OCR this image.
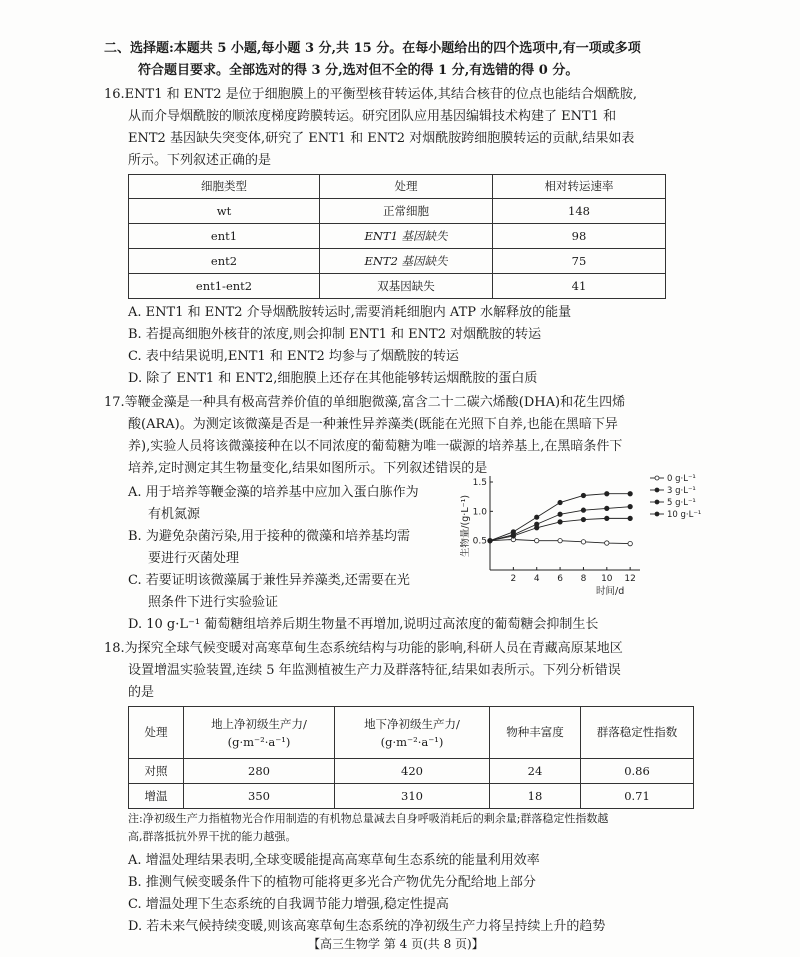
二、选择题:本题共 5 小题,每小题 3 分,共 15 分。在每小题给出的四个选项中,有一项或多项
符合题目要求。全部选对的得 3 分,选对但不全的得 1 分,有选错的得 0 分。
16.ENT1 和 ENT2 是位于细胞膜上的平衡型核苷转运体,其结合核苷的位点也能结合烟酰胺,
从而介导烟酰胺的顺浓度梯度跨膜转运。研究团队应用基因编辑技术构建了 ENT1 和
ENT2 基因缺失突变体,研究了 ENT1 和 ENT2 对烟酰胺跨细胞膜转运的贡献,结果如表
所示。下列叙述正确的是
细胞类型	处理	相对转运速率
wt	正常细胞	148
ent1	ENT1 基因缺失	98
ent2	ENT2 基因缺失	75
ent1-ent2	双基因缺失	41
A. ENT1 和 ENT2 介导烟酰胺转运时,需要消耗细胞内 ATP 水解释放的能量
B. 若提高细胞外核苷的浓度,则会抑制 ENT1 和 ENT2 对烟酰胺的转运
C. 表中结果说明,ENT1 和 ENT2 均参与了烟酰胺的转运
D. 除了 ENT1 和 ENT2,细胞膜上还存在其他能够转运烟酰胺的蛋白质
17.等鞭金藻是一种具有极高营养价值的单细胞微藻,富含二十二碳六烯酸(DHA)和花生四烯
酸(ARA)。为测定该微藻是否是一种兼性异养藻类(既能在光照下自养,也能在黑暗下异
养),实验人员将该微藻接种在以不同浓度的葡萄糖为唯一碳源的培养基上,在黑暗条件下
培养,定时测定其生物量变化,结果如图所示。下列叙述错误的是
A. 用于培养等鞭金藻的培养基中应加入蛋白胨作为
有机氮源
B. 为避免杂菌污染,用于接种的微藻和培养基均需
要进行灭菌处理
C. 若要证明该微藻属于兼性异养藻类,还需要在光
照条件下进行实验验证
D. 10 g·L⁻¹ 葡萄糖组培养后期生物量不再增加,说明过高浓度的葡萄糖会抑制生长
2 4 6 8 10 12
0.5
1.0
1.5
时间/d
生物量/(g·L⁻¹)
0 g·L⁻¹
3 g·L⁻¹
5 g·L⁻¹
10 g·L⁻¹
18.为探究全球气候变暖对高寒草甸生态系统结构与功能的影响,科研人员在青藏高原某地区
设置增温实验装置,连续 5 年监测植被生产力及群落特征,结果如表所示。下列分析错误
的是
处理	地上净初级生产力/
(g·m⁻²·a⁻¹)	地下净初级生产力/
(g·m⁻²·a⁻¹)	物种丰富度	群落稳定性指数
对照	280	420	24	0.86
增温	350	310	18	0.71
注:净初级生产力指植物光合作用制造的有机物总量减去自身呼吸消耗后的剩余量;群落稳定性指数越
高,群落抵抗外界干扰的能力越强。
A. 增温处理结果表明,全球变暖能提高高寒草甸生态系统的能量利用效率
B. 推测气候变暖条件下的植物可能将更多光合产物优先分配给地上部分
C. 增温处理下生态系统的自我调节能力增强,稳定性提高
D. 若未来气候持续变暖,则该高寒草甸生态系统的净初级生产力将呈持续上升的趋势
【高三生物学 第 4 页(共 8 页)】
